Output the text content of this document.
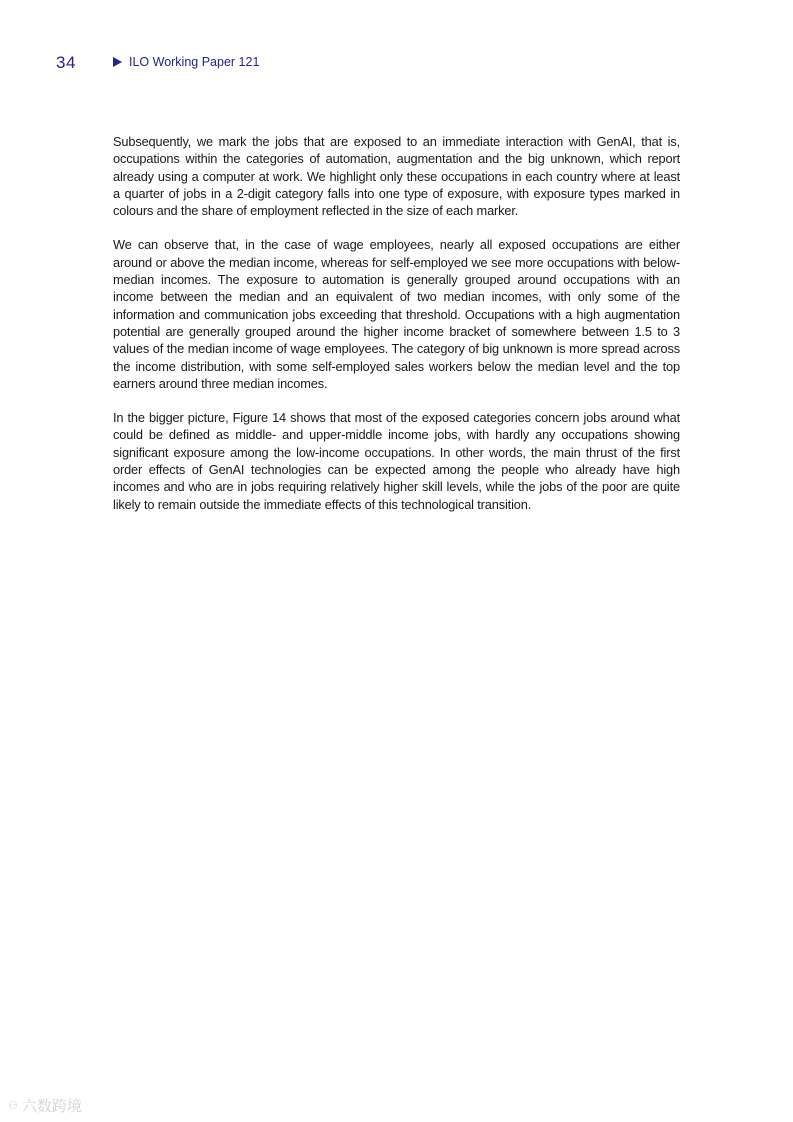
34	ILO Working Paper 121

Subsequently, we mark the jobs that are exposed to an immediate interaction with GenAI, that is, occupations within the categories of automation, augmentation and the big unknown, which report already using a computer at work. We highlight only these occupations in each country where at least a quarter of jobs in a 2-digit category falls into one type of exposure, with exposure types marked in colours and the share of employment reflected in the size of each marker.

We can observe that, in the case of wage employees, nearly all exposed occupations are either around or above the median income, whereas for self-employed we see more occupations with below-median incomes. The exposure to automation is generally grouped around occupations with an income between the median and an equivalent of two median incomes, with only some of the information and communication jobs exceeding that threshold. Occupations with a high augmentation potential are generally grouped around the higher income bracket of somewhere between 1.5 to 3 values of the median income of wage employees. The category of big unknown is more spread across the income distribution, with some self-employed sales workers below the median level and the top earners around three median incomes.

In the bigger picture, Figure 14 shows that most of the exposed categories concern jobs around what could be defined as middle- and upper-middle income jobs, with hardly any occupations showing significant exposure among the low-income occupations. In other words, the main thrust of the first order effects of GenAI technologies can be expected among the people who already have high incomes and who are in jobs requiring relatively higher skill levels, while the jobs of the poor are quite likely to remain outside the immediate effects of this technological transition.

⚇ 六数跨境
